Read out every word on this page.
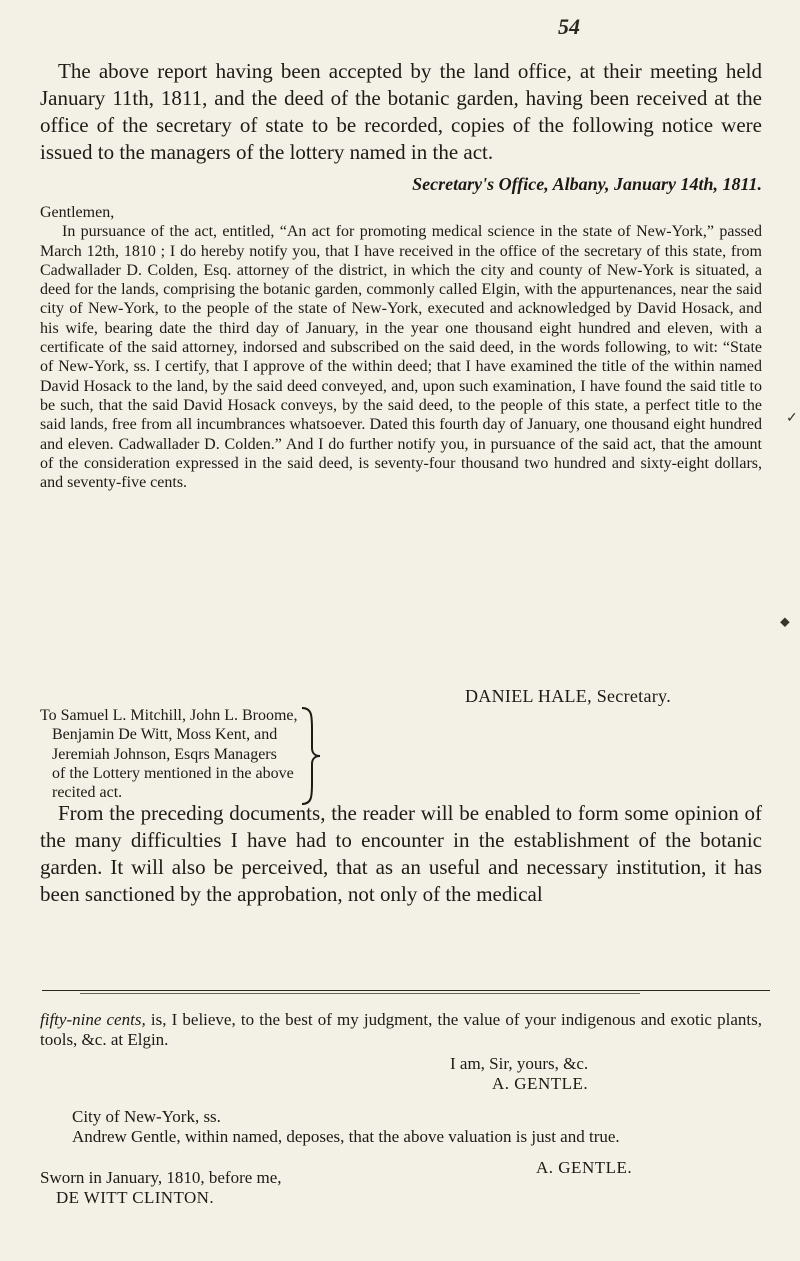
54

The above report having been accepted by the land office, at their meeting held January 11th, 1811, and the deed of the botanic garden, having been received at the office of the secretary of state to be recorded, copies of the following notice were issued to the managers of the lottery named in the act.

Secretary's Office, Albany, January 14th, 1811.

Gentlemen,

In pursuance of the act, entitled, “An act for promoting medical science in the state of New-York,” passed March 12th, 1810 ; I do hereby notify you, that I have received in the office of the secretary of this state, from Cadwallader D. Colden, Esq. attorney of the district, in which the city and county of New-York is situated, a deed for the lands, comprising the botanic garden, commonly called Elgin, with the appurtenances, near the said city of New-York, to the people of the state of New-York, executed and acknowledged by David Hosack, and his wife, bearing date the third day of January, in the year one thousand eight hundred and eleven, with a certificate of the said attorney, indorsed and subscribed on the said deed, in the words following, to wit: “State of New-York, ss. I certify, that I approve of the within deed; that I have examined the title of the within named David Hosack to the land, by the said deed conveyed, and, upon such examination, I have found the said title to be such, that the said David Hosack conveys, by the said deed, to the people of this state, a perfect title to the said lands, free from all incumbrances whatsoever. Dated this fourth day of January, one thousand eight hundred and eleven. Cadwallader D. Colden.” And I do further notify you, in pursuance of the said act, that the amount of the consideration expressed in the said deed, is seventy-four thousand two hundred and sixty-eight dollars, and seventy-five cents.

DANIEL HALE, Secretary.
To Samuel L. Mitchill, John L. Broome,
Benjamin De Witt, Moss Kent, and
Jeremiah Johnson, Esqrs Managers
of the Lottery mentioned in the above
recited act.

From the preceding documents, the reader will be enabled to form some opinion of the many difficulties I have had to encounter in the establishment of the botanic garden. It will also be perceived, that as an useful and necessary institution, it has been sanctioned by the approbation, not only of the medical

fifty-nine cents, is, I believe, to the best of my judgment, the value of your indigenous and exotic plants, tools, &c. at Elgin.

I am, Sir, yours, &c.
A. GENTLE.
City of New-York, ss.

Andrew Gentle, within named, deposes, that the above valuation is just and true.

A. GENTLE.
Sworn in January, 1810, before me,
DE WITT CLINTON.
✓
⬥
